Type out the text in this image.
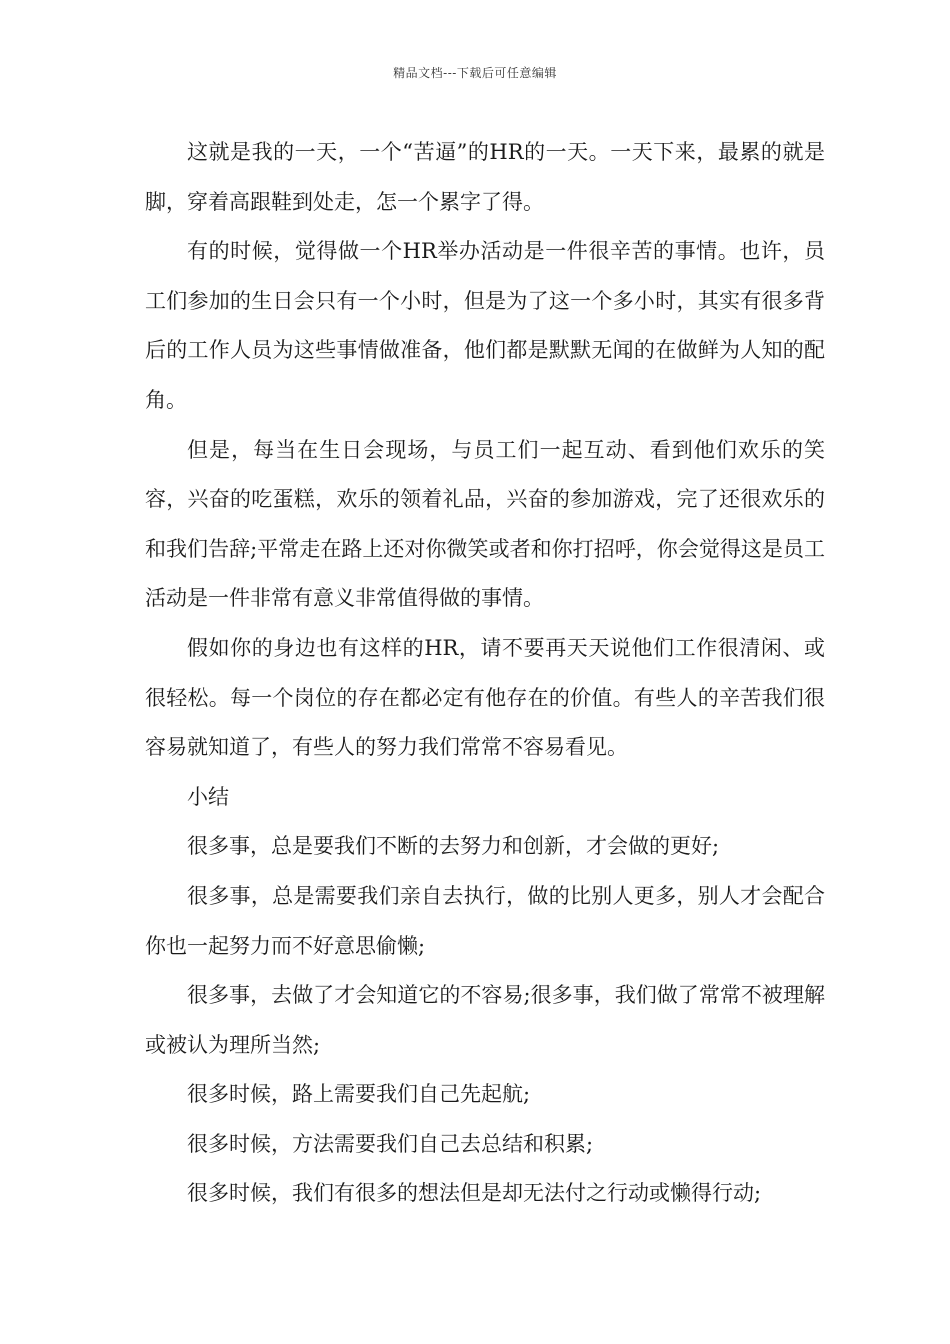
精品文档---下载后可任意编辑

这就是我的一天，一个“苦逼”的HR的一天。一天下来，最累的就是脚，穿着高跟鞋到处走，怎一个累字了得。

有的时候，觉得做一个HR举办活动是一件很辛苦的事情。也许，员工们参加的生日会只有一个小时，但是为了这一个多小时，其实有很多背后的工作人员为这些事情做准备，他们都是默默无闻的在做鲜为人知的配角。

但是，每当在生日会现场，与员工们一起互动、看到他们欢乐的笑容，兴奋的吃蛋糕，欢乐的领着礼品，兴奋的参加游戏，完了还很欢乐的和我们告辞;平常走在路上还对你微笑或者和你打招呼，你会觉得这是员工活动是一件非常有意义非常值得做的事情。

假如你的身边也有这样的HR，请不要再天天说他们工作很清闲、或很轻松。每一个岗位的存在都必定有他存在的价值。有些人的辛苦我们很容易就知道了，有些人的努力我们常常不容易看见。

小结

很多事，总是要我们不断的去努力和创新，才会做的更好;

很多事，总是需要我们亲自去执行，做的比别人更多，别人才会配合你也一起努力而不好意思偷懒;

很多事，去做了才会知道它的不容易;很多事，我们做了常常不被理解或被认为理所当然;

很多时候，路上需要我们自己先起航;

很多时候，方法需要我们自己去总结和积累;

很多时候，我们有很多的想法但是却无法付之行动或懒得行动;
